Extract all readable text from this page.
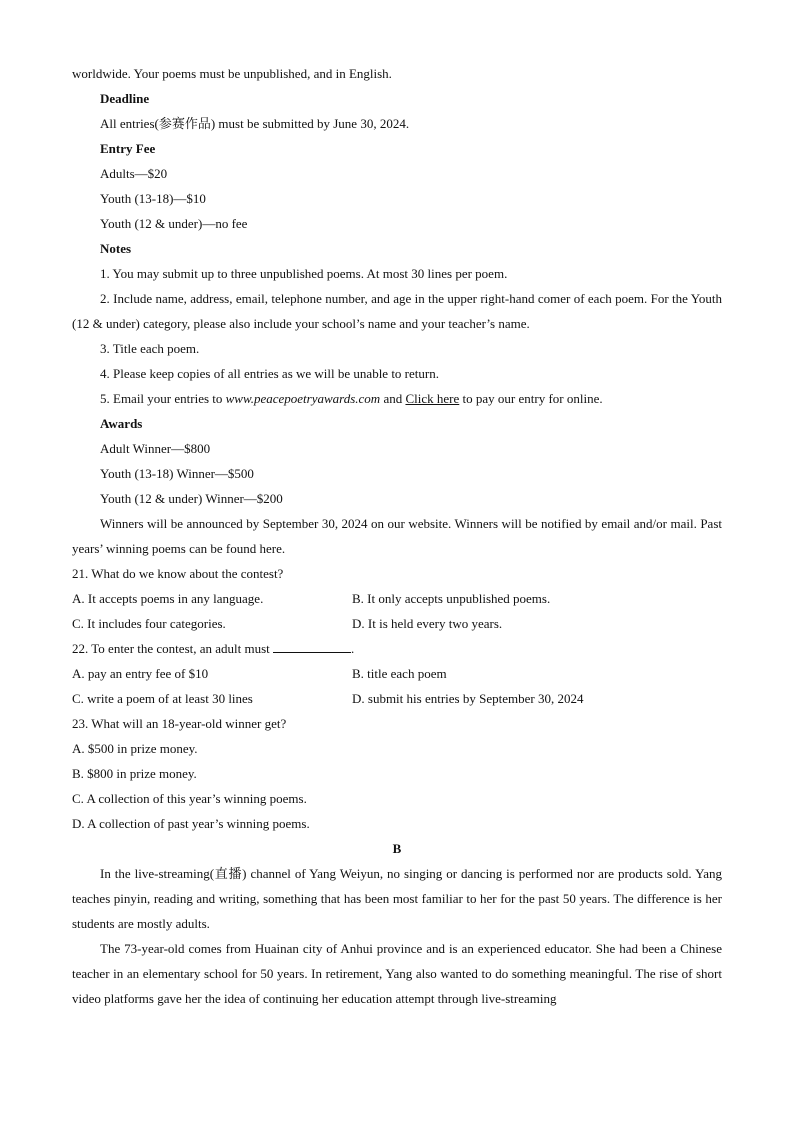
worldwide. Your poems must be unpublished, and in English.
Deadline
All entries(参赛作品) must be submitted by June 30, 2024.
Entry Fee
Adults—$20
Youth (13-18)—$10
Youth (12 & under)—no fee
Notes
1. You may submit up to three unpublished poems. At most 30 lines per poem.
2. Include name, address, email, telephone number, and age in the upper right-hand comer of each poem. For the Youth (12 & under) category, please also include your school’s name and your teacher’s name.
3. Title each poem.
4. Please keep copies of all entries as we will be unable to return.
5. Email your entries to www.peacepoetryawards.com and Click here to pay our entry for online.
Awards
Adult Winner—$800
Youth (13-18) Winner—$500
Youth (12 & under) Winner—$200
Winners will be announced by September 30, 2024 on our website. Winners will be notified by email and/or mail. Past years’ winning poems can be found here.
21. What do we know about the contest?
A. It accepts poems in any language.	B. It only accepts unpublished poems.
C. It includes four categories.	D. It is held every two years.
22. To enter the contest, an adult must	.
A. pay an entry fee of $10	B. title each poem
C. write a poem of at least 30 lines	D. submit his entries by September 30, 2024
23. What will an 18-year-old winner get?
A. $500 in prize money.
B. $800 in prize money.
C. A collection of this year’s winning poems.
D. A collection of past year’s winning poems.
B
In the live-streaming(直播) channel of Yang Weiyun, no singing or dancing is performed nor are products sold. Yang teaches pinyin, reading and writing, something that has been most familiar to her for the past 50 years. The difference is her students are mostly adults.
The 73-year-old comes from Huainan city of Anhui province and is an experienced educator. She had been a Chinese teacher in an elementary school for 50 years. In retirement, Yang also wanted to do something meaningful. The rise of short video platforms gave her the idea of continuing her education attempt through live-streaming
